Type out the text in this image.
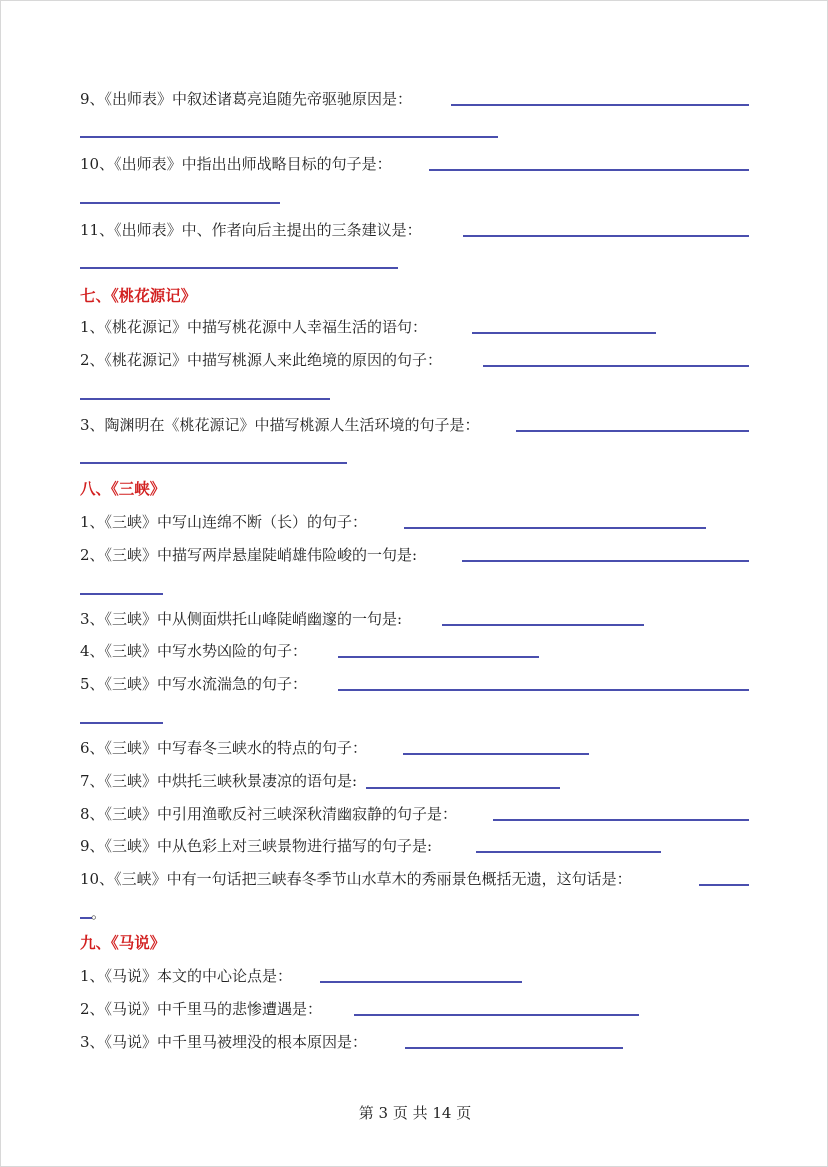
9、《出师表》中叙述诸葛亮追随先帝驱驰原因是：
10、《出师表》中指出出师战略目标的句子是：
11、《出师表》中、作者向后主提出的三条建议是：
七、《桃花源记》
1、《桃花源记》中描写桃花源中人幸福生活的语句：
2、《桃花源记》中描写桃源人来此绝境的原因的句子：
3、陶渊明在《桃花源记》中描写桃源人生活环境的句子是：
八、《三峡》
1、《三峡》中写山连绵不断（长）的句子：
2、《三峡》中描写两岸悬崖陡峭雄伟险峻的一句是:
3、《三峡》中从侧面烘托山峰陡峭幽邃的一句是:
4、《三峡》中写水势凶险的句子：
5、《三峡》中写水流湍急的句子：
6、《三峡》中写春冬三峡水的特点的句子：
7、《三峡》中烘托三峡秋景凄凉的语句是:
8、《三峡》中引用渔歌反衬三峡深秋清幽寂静的句子是：
9、《三峡》中从色彩上对三峡景物进行描写的句子是:
10、《三峡》中有一句话把三峡春冬季节山水草木的秀丽景色概括无遗，这句话是：
。
九、《马说》
1、《马说》本文的中心论点是：
2、《马说》中千里马的悲惨遭遇是：
3、《马说》中千里马被埋没的根本原因是：
第 3 页 共 14 页
